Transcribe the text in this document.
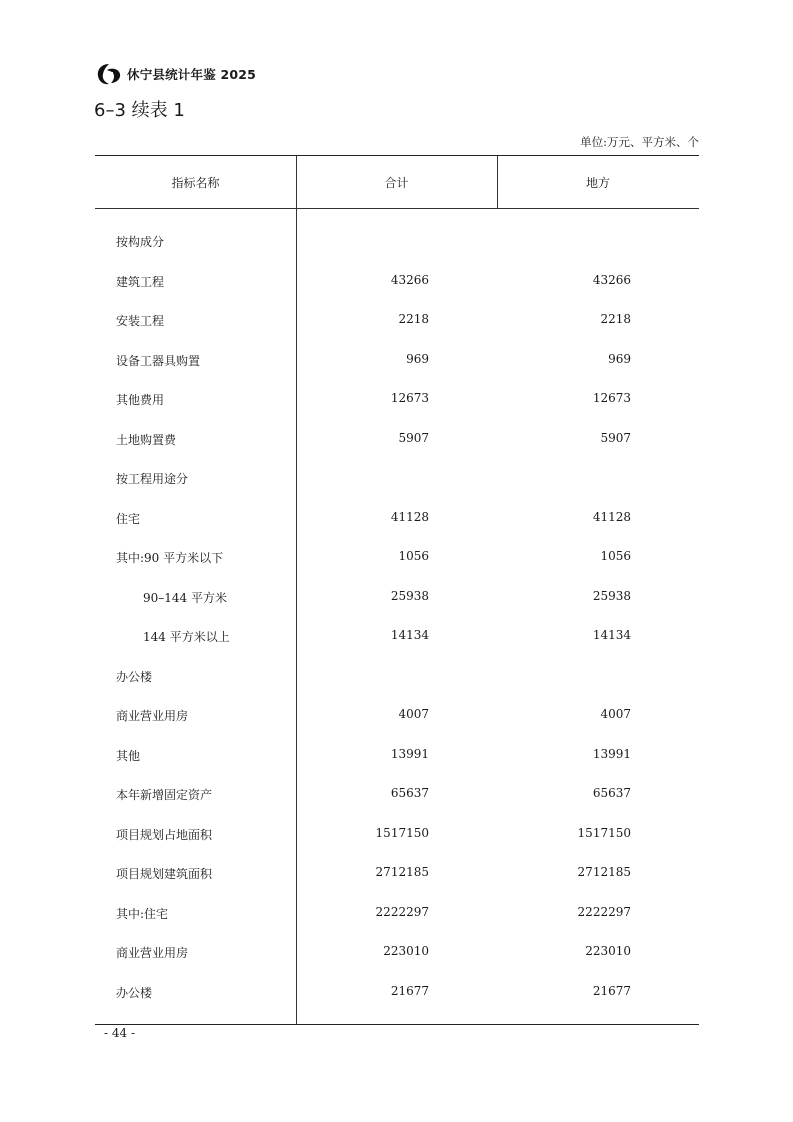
休宁县统计年鉴 2025
6–3 续表 1
单位:万元、平方米、个
指标名称	合计	地方
按构成分
建筑工程	43266	43266
安装工程	2218	2218
设备工器具购置	969	969
其他费用	12673	12673
土地购置费	5907	5907
按工程用途分
住宅	41128	41128
其中:90 平方米以下	1056	1056
90–144 平方米	25938	25938
144 平方米以上	14134	14134
办公楼
商业营业用房	4007	4007
其他	13991	13991
本年新增固定资产	65637	65637
项目规划占地面积	1517150	1517150
项目规划建筑面积	2712185	2712185
其中:住宅	2222297	2222297
商业营业用房	223010	223010
办公楼	21677	21677
- 44 -
